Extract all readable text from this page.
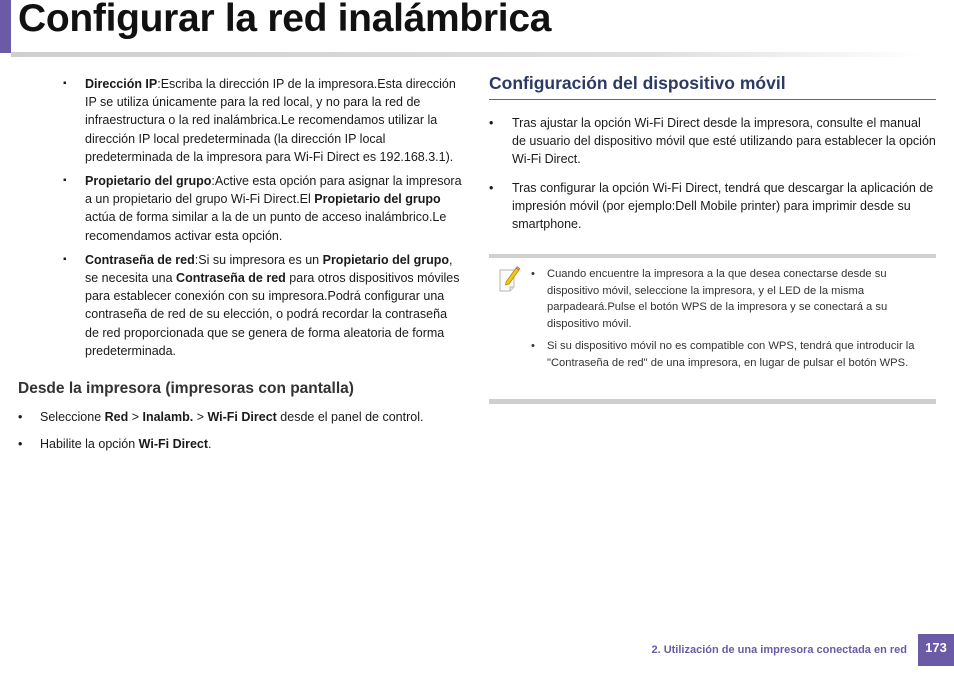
Configurar la red inalámbrica
▪ Dirección IP:Escriba la dirección IP de la impresora.Esta dirección IP se utiliza únicamente para la red local, y no para la red de infraestructura o la red inalámbrica.Le recomendamos utilizar la dirección IP local predeterminada (la dirección IP local predeterminada de la impresora para Wi-Fi Direct es 192.168.3.1).
▪ Propietario del grupo:Active esta opción para asignar la impresora a un propietario del grupo Wi-Fi Direct.El Propietario del grupo actúa de forma similar a la de un punto de acceso inalámbrico.Le recomendamos activar esta opción.
▪ Contraseña de red:Si su impresora es un Propietario del grupo, se necesita una Contraseña de red para otros dispositivos móviles para establecer conexión con su impresora.Podrá configurar una contraseña de red de su elección, o podrá recordar la contraseña de red proporcionada que se genera de forma aleatoria de forma predeterminada.
Desde la impresora (impresoras con pantalla)
• Seleccione Red > Inalamb. > Wi-Fi Direct desde el panel de control.
• Habilite la opción Wi-Fi Direct.
Configuración del dispositivo móvil
• Tras ajustar la opción Wi-Fi Direct desde la impresora, consulte el manual de usuario del dispositivo móvil que esté utilizando para establecer la opción Wi-Fi Direct.
• Tras configurar la opción Wi-Fi Direct, tendrá que descargar la aplicación de impresión móvil (por ejemplo:Dell Mobile printer) para imprimir desde su smartphone.
• Cuando encuentre la impresora a la que desea conectarse desde su dispositivo móvil, seleccione la impresora, y el LED de la misma parpadeará.Pulse el botón WPS de la impresora y se conectará a su dispositivo móvil.
• Si su dispositivo móvil no es compatible con WPS, tendrá que introducir la "Contraseña de red" de una impresora, en lugar de pulsar el botón WPS.
2. Utilización de una impresora conectada en red	173
